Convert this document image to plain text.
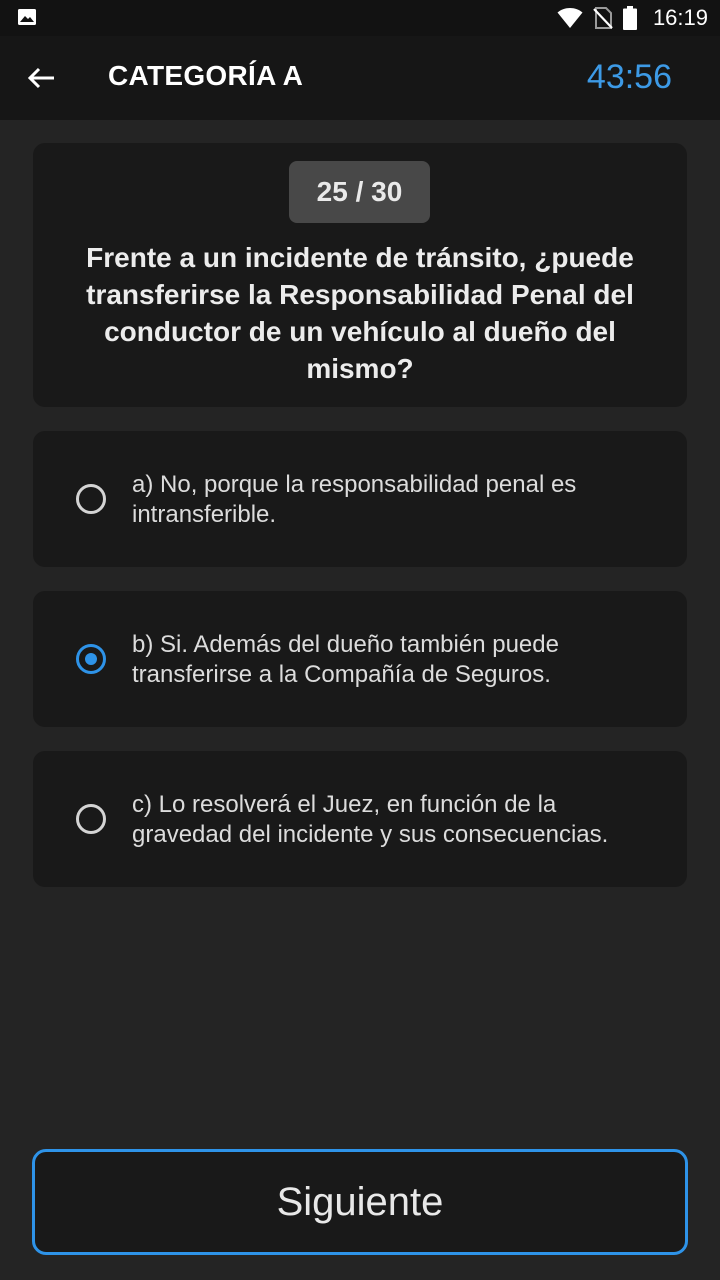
16:19
CATEGORÍA A	43:56
25 / 30
Frente a un incidente de tránsito, ¿puede transferirse la Responsabilidad Penal del conductor de un vehículo al dueño del mismo?
a) No, porque la responsabilidad penal es intransferible.
b) Si. Además del dueño también puede transferirse a la Compañía de Seguros.
c) Lo resolverá el Juez, en función de la gravedad del incidente y sus consecuencias.
Siguiente
